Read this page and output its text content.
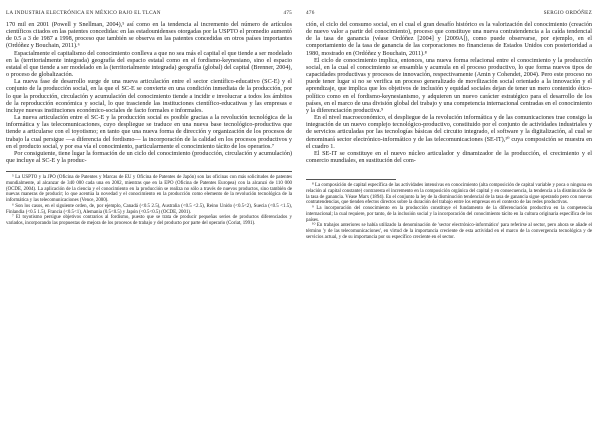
LA INDUSTRIA ELECTRÓNICA EN MÉXICO BAJO EL TLCAN	475

170 mil en 2001 (Powell y Snellman, 2004),⁵ así como en la tendencia al incremento del número de artículos científicos citados en las patentes concedidas: en las estadounidenses otorgadas por la USPTO el promedio aumentó de 0.5 a 3 de 1987 a 1998, proceso que también se observa en las patentes concedidas en otros países importantes (Ordóñez y Bouchain, 2011).⁶

Espacialmente el capitalismo del conocimiento conlleva a que no sea más el capital el que tiende a ser modelado en la (territorialmente integrada) geografía del espacio estatal como en el fordismo-keynesiano, sino el espacio estatal el que tiende a ser modelado en la (territorialmente integrada) geografía (global) del capital (Brenner, 2004), o proceso de globalización.

La nueva fase de desarrollo surge de una nueva articulación entre el sector científico-educativo (SC-E) y el conjunto de la producción social, en la que el SC-E se convierte en una condición inmediata de la producción, por lo que la producción, circulación y acumulación del conocimiento tiende a incidir e involucrar a todos los ámbitos de la reproducción económica y social, lo que trasciende las instituciones científico-educativas y las empresas e incluye nuevas instituciones económico-sociales de facto formales e informales.

La nueva articulación entre el SC-E y la producción social es posible gracias a la revolución tecnológica de la informática y las telecomunicaciones, cuyo despliegue se traduce en una nueva base tecnológico-productiva que tiende a articularse con el toyotismo; en tanto que una nueva forma de dirección y organización de los procesos de trabajo la cual persigue —a diferencia del fordismo— la incorporación de la calidad en los procesos productivos y en el producto social, y por esa vía el conocimiento, particularmente el conocimiento tácito de los operarios.⁷

Por consiguiente, tiene lugar la formación de un ciclo del conocimiento (producción, circulación y acumulación) que incluye al SC-E y la produc-

⁵ La USPTO y la JPO (Oficina de Patentes y Marcas de EU y Oficina de Patentes de Japón) son las oficinas con más solicitudes de patentes mundialmente, al alcanzar de 340 000 cada una en 2002, mientras que en la EPO (Oficina de Patentes Europea) con la alcanzó de 110 000 (OCDE, 2004). La aplicación de la ciencia y el conocimiento en la producción se realiza no sólo a través de nuevos productos, sino también de nuevas maneras de producir; lo que acentúa la novedad y el conocimiento en la producción como elemento de la revolución tecnológica de la informática y las telecomunicaciones (Vence, 2000).

⁶ Son los casos, en el siguiente orden, de, por ejemplo, Canadá (<0.5 2.5), Australia (<0.5 <2.5), Reino Unido (<0.5<2), Suecia (<0.5 <1.5), Finlandia (<0.5 1.5), Francia (<0.5<1), Alemania (0.5<0.5) y Japón (<0.5<0.5) (OCDE, 2001).

⁷ El toyotismo persigue objetivos contrarios al fordismo, puesto que se trata de producir pequeñas series de productos diferenciados y variados, incorporando las propuestas de mejora de los procesos de trabajo y del producto por parte del operario (Coriat, 1991).

476	SERGIO ORDÓÑEZ

ción, el ciclo del consumo social, en el cual el gran desafío histórico es la valorización del conocimiento (creación de nuevo valor a partir del conocimiento), proceso que constituye una nueva contratendencia a la caída tendencial de la tasa de ganancia (véase Ordóñez [2004] y [2009A]), como puede observarse, por ejemplo, en el comportamiento de la tasa de ganancia de las corporaciones no financieras de Estados Unidos con posterioridad a 1980, mostrado en (Ordóñez y Bouchain, 2011).⁸

El ciclo de conocimiento implica, entonces, una nueva forma relacional entre el conocimiento y la producción social, en la cual el conocimiento se ensambla y acumula en el proceso productivo, lo que forma nuevos tipos de capacidades productivas y procesos de innovación, respectivamente (Amin y Cohendet, 2004). Pero este proceso no puede tener lugar si no se verifica un proceso generalizado de movilización social orientado a la innovación y el aprendizaje, que implica que los objetivos de inclusión y equidad sociales dejan de tener un mero contenido ético-político como en el fordismo-keynesianismo, y adquieren un nuevo carácter estratégico para el desarrollo de los países, en el marco de una división global del trabajo y una competencia internacional centradas en el conocimiento y la diferenciación productiva.⁹

En el nivel macroeconómico, el despliegue de la revolución informática y de las comunicaciones trae consigo la integración de un nuevo complejo tecnológico-productivo, constituido por el conjunto de actividades industriales y de servicios articuladas por las tecnologías básicas del circuito integrado, el software y la digitalización, al cual se denominará sector electrónico-informático y de las telecomunicaciones (SE-IT),¹⁰ cuya composición se muestra en el cuadro 1.

El SE-IT se constituye en el nuevo núcleo articulador y dinamizador de la producción, el crecimiento y el comercio mundiales, en sustitución del com-

⁸ La composición de capital específica de las actividades intensivas en conocimiento (alta composición de capital variable y poca o ninguna en relación al capital constante) contraresta el incremento en la composición orgánica del capital y en consecuencia, la tendencia a la disminución de la tasa de ganancia. Véase Marx (1894). En el conjunto la ley de la disminución tendencial de la tasa de ganancia sigue operando pero con nuevas contratendencias, que tienden efectos directos sobre la duración del trabajo entre los empresas en el contexto de las redes productivas.

⁹ La incorporación del conocimiento en la producción constituye el fundamento de la diferenciación productiva en la competencia internacional; la cual requiere, por tanto, de la inclusión social y la incorporación del conocimiento tácito en la cultura originaria específica de los países.

¹⁰ En trabajos anteriores se había utilizado la denominación de 'sector electrónico-informático' para referirse al sector, pero ahora se añade el término 'y de las telecomunicaciones', en virtud de la importancia creciente de esta actividad en el marco de la convergencia tecnológica y de servicios actual, y de su importancia por su específico creciente en el sector.
